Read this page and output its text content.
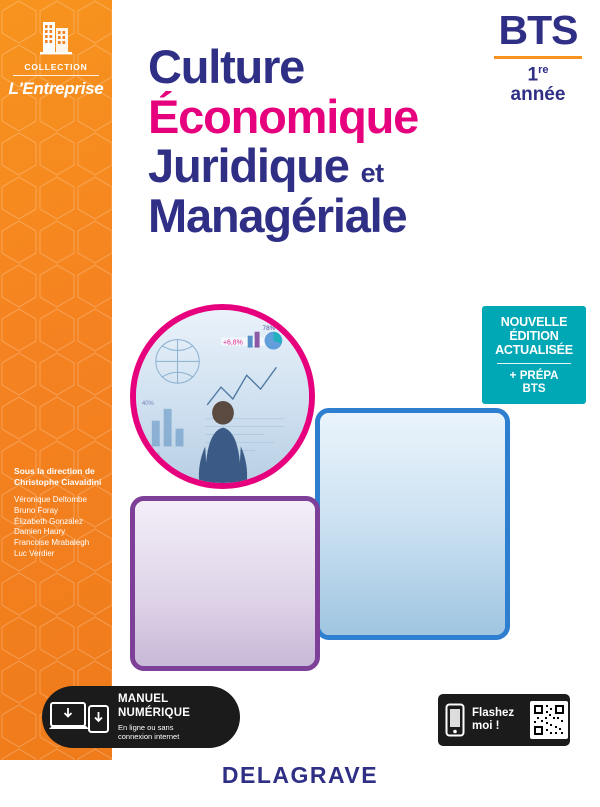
COLLECTION
L'Entreprise
Sous la direction de
Christophe Ciavaldini
Véronique Deltombe
Bruno Foray
Élizabeth Gonzalez
Damien Haury
Francoise Mrabalegh
Luc Verdier
Culture
Économique
Juridique et
Managériale
BTS
1re
année
+6,8%
78%
60%
40%
NOUVELLE
ÉDITION
ACTUALISÉE
+ PRÉPA
BTS
MANUEL
NUMÉRIQUE
En ligne ou sans
connexion internet
Flashez
moi !
DELAGRAVE
